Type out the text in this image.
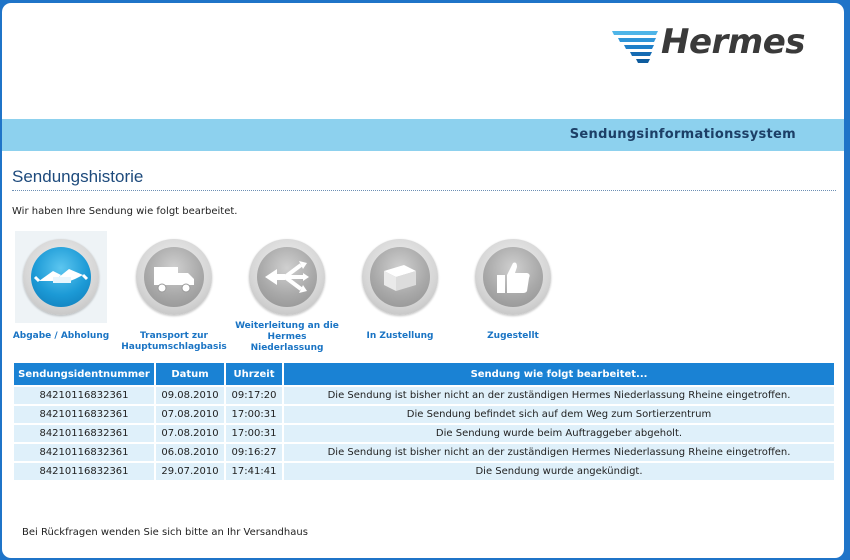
Hermes
Sendungsinformationssystem
Sendungshistorie
Wir haben Ihre Sendung wie folgt bearbeitet.
Abgabe / Abholung	Transport zur Hauptumschlagbasis
Weiterleitung an die Hermes Niederlassung
In Zustellung	Zugestellt
Sendungsidentnummer	Datum	Uhrzeit	Sendung wie folgt bearbeitet...
84210116832361	09.08.2010	09:17:20	Die Sendung ist bisher nicht an der zuständigen Hermes Niederlassung Rheine eingetroffen.
84210116832361	07.08.2010	17:00:31	Die Sendung befindet sich auf dem Weg zum Sortierzentrum
84210116832361	07.08.2010	17:00:31	Die Sendung wurde beim Auftraggeber abgeholt.
84210116832361	06.08.2010	09:16:27	Die Sendung ist bisher nicht an der zuständigen Hermes Niederlassung Rheine eingetroffen.
84210116832361	29.07.2010	17:41:41	Die Sendung wurde angekündigt.
Bei Rückfragen wenden Sie sich bitte an Ihr Versandhaus
